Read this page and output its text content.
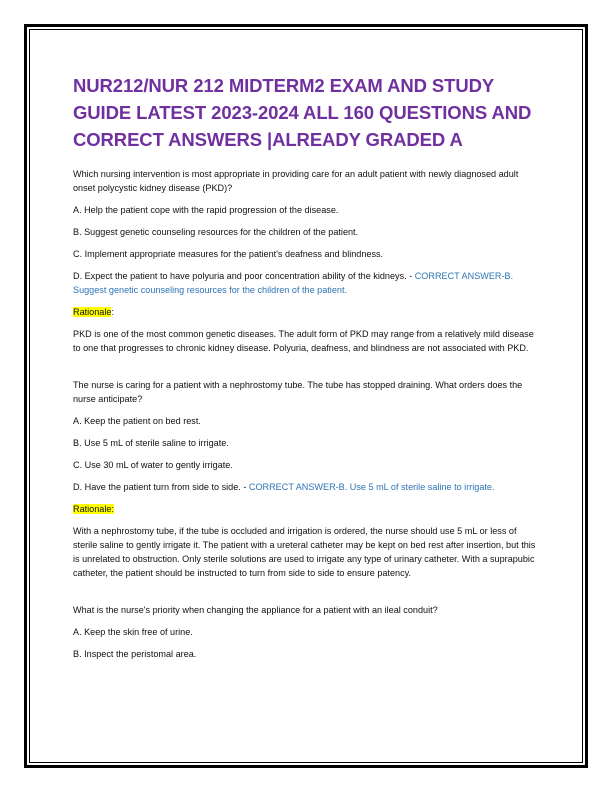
NUR212/NUR 212 MIDTERM2 EXAM AND STUDY GUIDE LATEST 2023-2024 ALL 160 QUESTIONS AND CORRECT ANSWERS |ALREADY GRADED A

Which nursing intervention is most appropriate in providing care for an adult patient with newly diagnosed adult onset polycystic kidney disease (PKD)?

A. Help the patient cope with the rapid progression of the disease.

B. Suggest genetic counseling resources for the children of the patient.

C. Implement appropriate measures for the patient's deafness and blindness.

D. Expect the patient to have polyuria and poor concentration ability of the kidneys. - CORRECT ANSWER-B. Suggest genetic counseling resources for the children of the patient.

Rationale:

PKD is one of the most common genetic diseases. The adult form of PKD may range from a relatively mild disease to one that progresses to chronic kidney disease. Polyuria, deafness, and blindness are not associated with PKD.

The nurse is caring for a patient with a nephrostomy tube. The tube has stopped draining. What orders does the nurse anticipate?

A. Keep the patient on bed rest.

B. Use 5 mL of sterile saline to irrigate.

C. Use 30 mL of water to gently irrigate.

D. Have the patient turn from side to side. - CORRECT ANSWER-B. Use 5 mL of sterile saline to irrigate.

Rationale:

With a nephrostomy tube, if the tube is occluded and irrigation is ordered, the nurse should use 5 mL or less of sterile saline to gently irrigate it. The patient with a ureteral catheter may be kept on bed rest after insertion, but this is unrelated to obstruction. Only sterile solutions are used to irrigate any type of urinary catheter. With a suprapubic catheter, the patient should be instructed to turn from side to side to ensure patency.

What is the nurse's priority when changing the appliance for a patient with an ileal conduit?

A. Keep the skin free of urine.

B. Inspect the peristomal area.
